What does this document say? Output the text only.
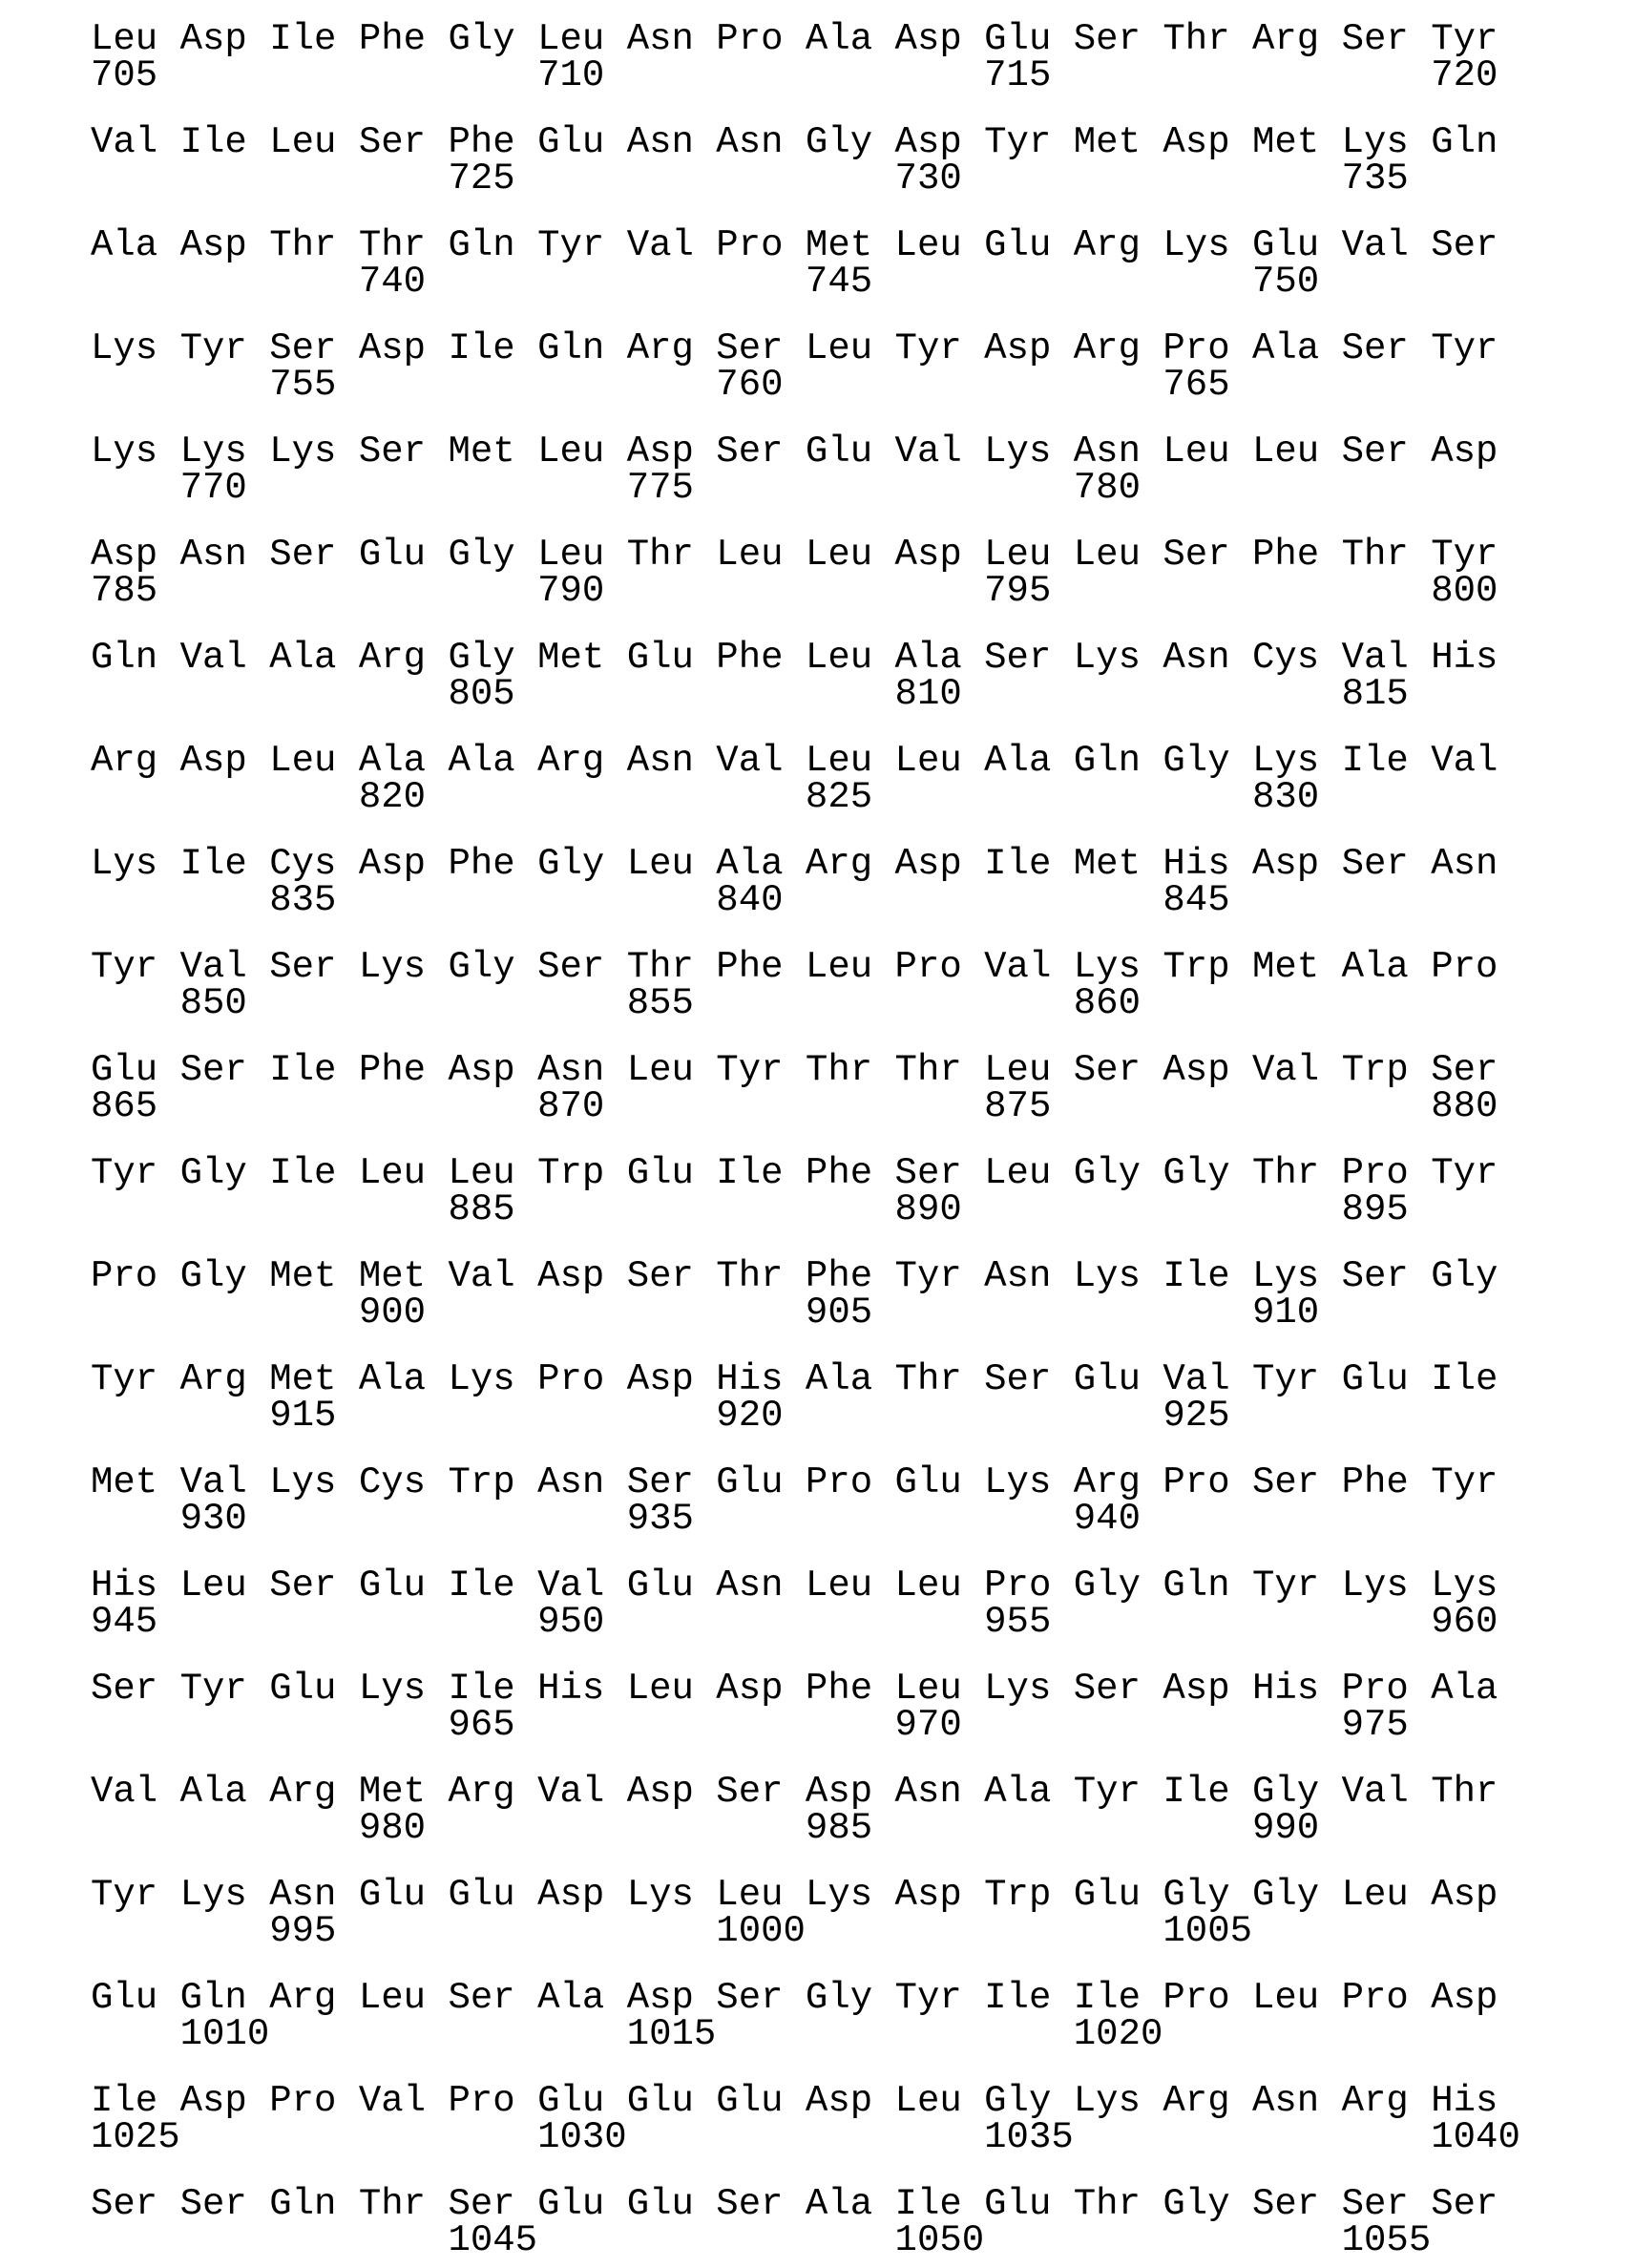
Leu Asp Ile Phe Gly Leu Asn Pro Ala Asp Glu Ser Thr Arg Ser Tyr
705                 710                 715                 720
Val Ile Leu Ser Phe Glu Asn Asn Gly Asp Tyr Met Asp Met Lys Gln
725                 730                 735
Ala Asp Thr Thr Gln Tyr Val Pro Met Leu Glu Arg Lys Glu Val Ser
740                 745                 750
Lys Tyr Ser Asp Ile Gln Arg Ser Leu Tyr Asp Arg Pro Ala Ser Tyr
755                 760                 765
Lys Lys Lys Ser Met Leu Asp Ser Glu Val Lys Asn Leu Leu Ser Asp
770                 775                 780
Asp Asn Ser Glu Gly Leu Thr Leu Leu Asp Leu Leu Ser Phe Thr Tyr
785                 790                 795                 800
Gln Val Ala Arg Gly Met Glu Phe Leu Ala Ser Lys Asn Cys Val His
805                 810                 815
Arg Asp Leu Ala Ala Arg Asn Val Leu Leu Ala Gln Gly Lys Ile Val
820                 825                 830
Lys Ile Cys Asp Phe Gly Leu Ala Arg Asp Ile Met His Asp Ser Asn
835                 840                 845
Tyr Val Ser Lys Gly Ser Thr Phe Leu Pro Val Lys Trp Met Ala Pro
850                 855                 860
Glu Ser Ile Phe Asp Asn Leu Tyr Thr Thr Leu Ser Asp Val Trp Ser
865                 870                 875                 880
Tyr Gly Ile Leu Leu Trp Glu Ile Phe Ser Leu Gly Gly Thr Pro Tyr
885                 890                 895
Pro Gly Met Met Val Asp Ser Thr Phe Tyr Asn Lys Ile Lys Ser Gly
900                 905                 910
Tyr Arg Met Ala Lys Pro Asp His Ala Thr Ser Glu Val Tyr Glu Ile
915                 920                 925
Met Val Lys Cys Trp Asn Ser Glu Pro Glu Lys Arg Pro Ser Phe Tyr
930                 935                 940
His Leu Ser Glu Ile Val Glu Asn Leu Leu Pro Gly Gln Tyr Lys Lys
945                 950                 955                 960
Ser Tyr Glu Lys Ile His Leu Asp Phe Leu Lys Ser Asp His Pro Ala
965                 970                 975
Val Ala Arg Met Arg Val Asp Ser Asp Asn Ala Tyr Ile Gly Val Thr
980                 985                 990
Tyr Lys Asn Glu Glu Asp Lys Leu Lys Asp Trp Glu Gly Gly Leu Asp
995                 1000                1005
Glu Gln Arg Leu Ser Ala Asp Ser Gly Tyr Ile Ile Pro Leu Pro Asp
1010                1015                1020
Ile Asp Pro Val Pro Glu Glu Glu Asp Leu Gly Lys Arg Asn Arg His
1025                1030                1035                1040
Ser Ser Gln Thr Ser Glu Glu Ser Ala Ile Glu Thr Gly Ser Ser Ser
1045                1050                1055
